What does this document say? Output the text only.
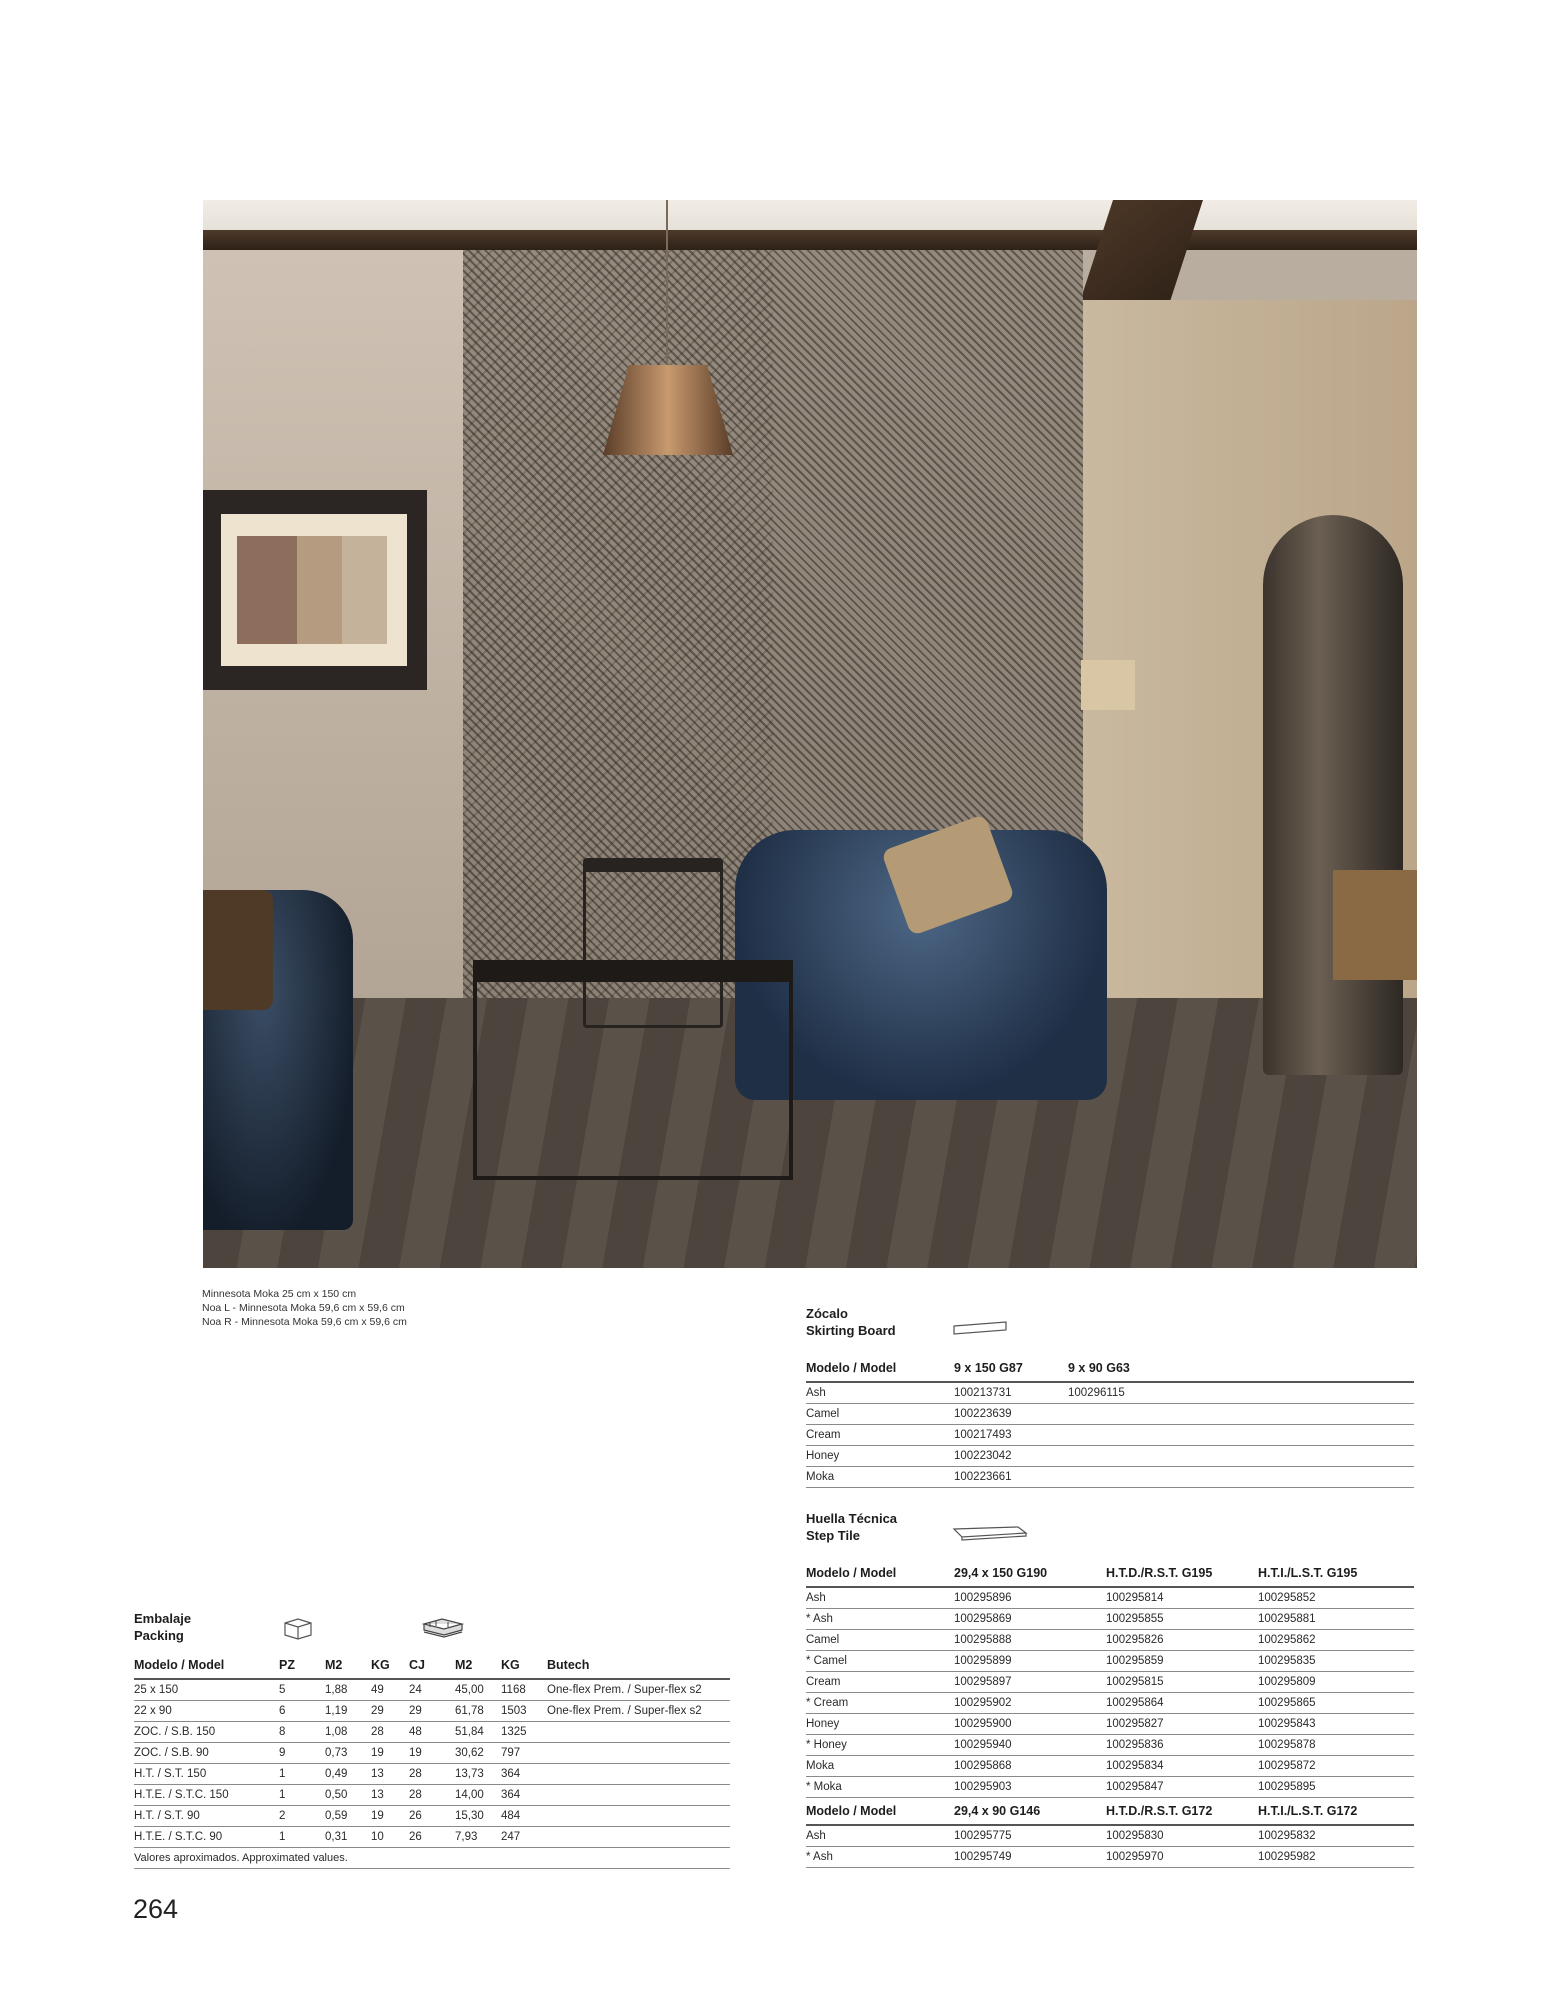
Minnesota Moka 25 cm x 150 cm
Noa L - Minnesota Moka 59,6 cm x 59,6 cm
Noa R - Minnesota Moka 59,6 cm x 59,6 cm
Zócalo
Skirting Board
Modelo / Model	9 x 150 G87	9 x 90 G63
Ash	100213731	100296115
Camel	100223639	
Cream	100217493	
Honey	100223042	
Moka	100223661	
Huella Técnica
Step Tile
Modelo / Model	29,4 x 150 G190	H.T.D./R.S.T. G195	H.T.I./L.S.T. G195
Ash	100295896	100295814	100295852
* Ash	100295869	100295855	100295881
Camel	100295888	100295826	100295862
* Camel	100295899	100295859	100295835
Cream	100295897	100295815	100295809
* Cream	100295902	100295864	100295865
Honey	100295900	100295827	100295843
* Honey	100295940	100295836	100295878
Moka	100295868	100295834	100295872
* Moka	100295903	100295847	100295895
Modelo / Model	29,4 x 90 G146	H.T.D./R.S.T. G172	H.T.I./L.S.T. G172
Ash	100295775	100295830	100295832
* Ash	100295749	100295970	100295982
Embalaje
Packing
Modelo / Model	PZ	M2	KG	CJ	M2	KG	Butech
25 x 150	5	1,88	49	24	45,00	1168	One-flex Prem. / Super-flex s2
22 x 90	6	1,19	29	29	61,78	1503	One-flex Prem. / Super-flex s2
ZOC. / S.B. 150	8	1,08	28	48	51,84	1325	
ZOC. / S.B. 90	9	0,73	19	19	30,62	797	
H.T. / S.T. 150	1	0,49	13	28	13,73	364	
H.T.E. / S.T.C. 150	1	0,50	13	28	14,00	364	
H.T. / S.T. 90	2	0,59	19	26	15,30	484	
H.T.E. / S.T.C. 90	1	0,31	10	26	7,93	247	
Valores aproximados. Approximated values.							
264
